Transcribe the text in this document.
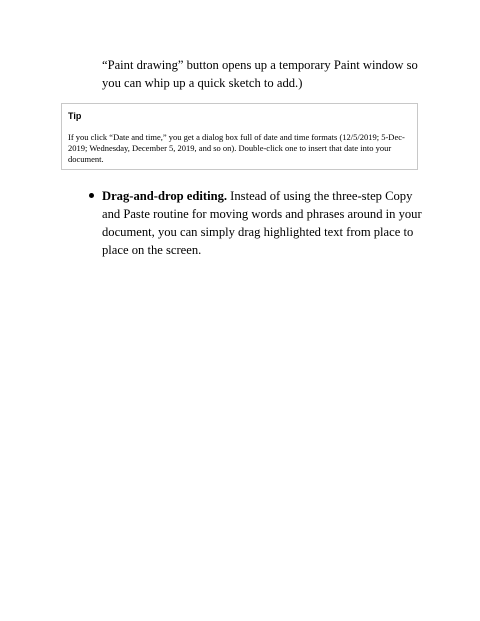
“Paint drawing” button opens up a temporary Paint window so you can whip up a quick sketch to add.)

Tip

If you click “Date and time,” you get a dialog box full of date and time formats (12/5/2019; 5-Dec-2019; Wednesday, December 5, 2019, and so on). Double-click one to insert that date into your document.

Drag-and-drop editing. Instead of using the three-step Copy and Paste routine for moving words and phrases around in your document, you can simply drag highlighted text from place to place on the screen.
